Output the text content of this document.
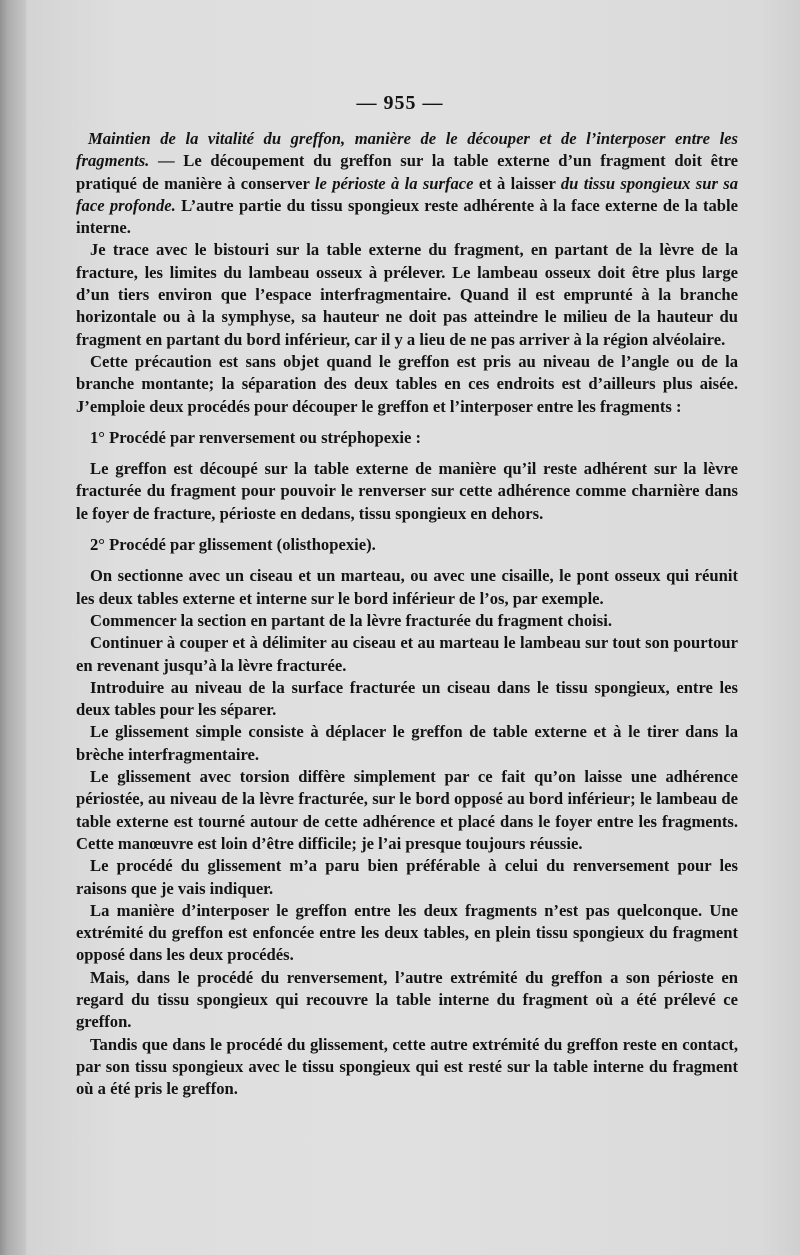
— 955 —

Maintien de la vitalité du greffon, manière de le découper et de l’interposer entre les fragments. — Le découpement du greffon sur la table externe d’un fragment doit être pratiqué de manière à conserver le périoste à la surface et à laisser du tissu spongieux sur sa face profonde. L’autre partie du tissu spongieux reste adhérente à la face externe de la table interne.

Je trace avec le bistouri sur la table externe du fragment, en partant de la lèvre de la fracture, les limites du lambeau osseux à prélever. Le lambeau osseux doit être plus large d’un tiers environ que l’espace interfragmentaire. Quand il est emprunté à la branche horizontale ou à la symphyse, sa hauteur ne doit pas atteindre le milieu de la hauteur du fragment en partant du bord inférieur, car il y a lieu de ne pas arriver à la région alvéolaire.

Cette précaution est sans objet quand le greffon est pris au niveau de l’angle ou de la branche montante; la séparation des deux tables en ces endroits est d’ailleurs plus aisée. J’emploie deux procédés pour découper le greffon et l’interposer entre les fragments :

1° Procédé par renversement ou stréphopexie :

Le greffon est découpé sur la table externe de manière qu’il reste adhérent sur la lèvre fracturée du fragment pour pouvoir le renverser sur cette adhérence comme charnière dans le foyer de fracture, périoste en dedans, tissu spongieux en dehors.

2° Procédé par glissement (olisthopexie).

On sectionne avec un ciseau et un marteau, ou avec une cisaille, le pont osseux qui réunit les deux tables externe et interne sur le bord inférieur de l’os, par exemple.

Commencer la section en partant de la lèvre fracturée du fragment choisi.

Continuer à couper et à délimiter au ciseau et au marteau le lambeau sur tout son pourtour en revenant jusqu’à la lèvre fracturée.

Introduire au niveau de la surface fracturée un ciseau dans le tissu spongieux, entre les deux tables pour les séparer.

Le glissement simple consiste à déplacer le greffon de table externe et à le tirer dans la brèche interfragmentaire.

Le glissement avec torsion diffère simplement par ce fait qu’on laisse une adhérence périostée, au niveau de la lèvre fracturée, sur le bord opposé au bord inférieur; le lambeau de table externe est tourné autour de cette adhérence et placé dans le foyer entre les fragments. Cette manœuvre est loin d’être difficile; je l’ai presque toujours réussie.

Le procédé du glissement m’a paru bien préférable à celui du renversement pour les raisons que je vais indiquer.

La manière d’interposer le greffon entre les deux fragments n’est pas quelconque. Une extrémité du greffon est enfoncée entre les deux tables, en plein tissu spongieux du fragment opposé dans les deux procédés.

Mais, dans le procédé du renversement, l’autre extrémité du greffon a son périoste en regard du tissu spongieux qui recouvre la table interne du fragment où a été prélevé ce greffon.

Tandis que dans le procédé du glissement, cette autre extrémité du greffon reste en contact, par son tissu spongieux avec le tissu spongieux qui est resté sur la table interne du fragment où a été pris le greffon.
